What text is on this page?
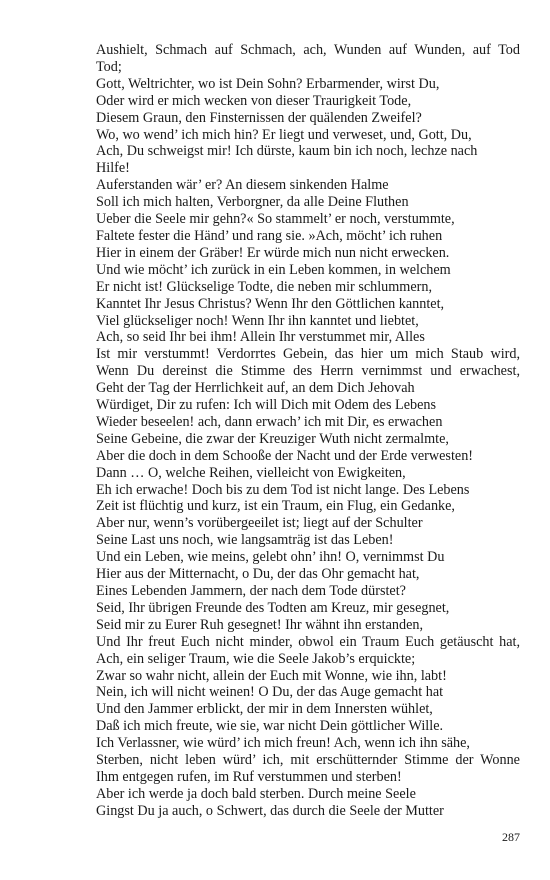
Aushielt, Schmach auf Schmach, ach, Wunden auf Wunden, auf Tod

Tod;

Gott, Weltrichter, wo ist Dein Sohn? Erbarmender, wirst Du,

Oder wird er mich wecken von dieser Traurigkeit Tode,

Diesem Graun, den Finsternissen der quälenden Zweifel?

Wo, wo wend’ ich mich hin? Er liegt und verweset, und, Gott, Du,

Ach, Du schweigst mir! Ich dürste, kaum bin ich noch, lechze nach

Hilfe!

Auferstanden wär’ er? An diesem sinkenden Halme

Soll ich mich halten, Verborgner, da alle Deine Fluthen

Ueber die Seele mir gehn?« So stammelt’ er noch, verstummte,

Faltete fester die Händ’ und rang sie. »Ach, möcht’ ich ruhen

Hier in einem der Gräber! Er würde mich nun nicht erwecken.

Und wie möcht’ ich zurück in ein Leben kommen, in welchem

Er nicht ist! Glückselige Todte, die neben mir schlummern,

Kanntet Ihr Jesus Christus? Wenn Ihr den Göttlichen kanntet,

Viel glückseliger noch! Wenn Ihr ihn kanntet und liebtet,

Ach, so seid Ihr bei ihm! Allein Ihr verstummet mir, Alles

Ist mir verstummt! Verdorrtes Gebein, das hier um mich Staub wird,

Wenn Du dereinst die Stimme des Herrn vernimmst und erwachest,

Geht der Tag der Herrlichkeit auf, an dem Dich Jehovah

Würdiget, Dir zu rufen: Ich will Dich mit Odem des Lebens

Wieder beseelen! ach, dann erwach’ ich mit Dir, es erwachen

Seine Gebeine, die zwar der Kreuziger Wuth nicht zermalmte,

Aber die doch in dem Schooße der Nacht und der Erde verwesten!

Dann … O, welche Reihen, vielleicht von Ewigkeiten,

Eh ich erwache! Doch bis zu dem Tod ist nicht lange. Des Lebens

Zeit ist flüchtig und kurz, ist ein Traum, ein Flug, ein Gedanke,

Aber nur, wenn’s vorübergeeilet ist; liegt auf der Schulter

Seine Last uns noch, wie langsamträg ist das Leben!

Und ein Leben, wie meins, gelebt ohn’ ihn! O, vernimmst Du

Hier aus der Mitternacht, o Du, der das Ohr gemacht hat,

Eines Lebenden Jammern, der nach dem Tode dürstet?

Seid, Ihr übrigen Freunde des Todten am Kreuz, mir gesegnet,

Seid mir zu Eurer Ruh gesegnet! Ihr wähnt ihn erstanden,

Und Ihr freut Euch nicht minder, obwol ein Traum Euch getäuscht hat,

Ach, ein seliger Traum, wie die Seele Jakob’s erquickte;

Zwar so wahr nicht, allein der Euch mit Wonne, wie ihn, labt!

Nein, ich will nicht weinen! O Du, der das Auge gemacht hat

Und den Jammer erblickt, der mir in dem Innersten wühlet,

Daß ich mich freute, wie sie, war nicht Dein göttlicher Wille.

Ich Verlassner, wie würd’ ich mich freun! Ach, wenn ich ihn sähe,

Sterben, nicht leben würd’ ich, mit erschütternder Stimme der Wonne

Ihm entgegen rufen, im Ruf verstummen und sterben!

Aber ich werde ja doch bald sterben. Durch meine Seele

Gingst Du ja auch, o Schwert, das durch die Seele der Mutter

287
